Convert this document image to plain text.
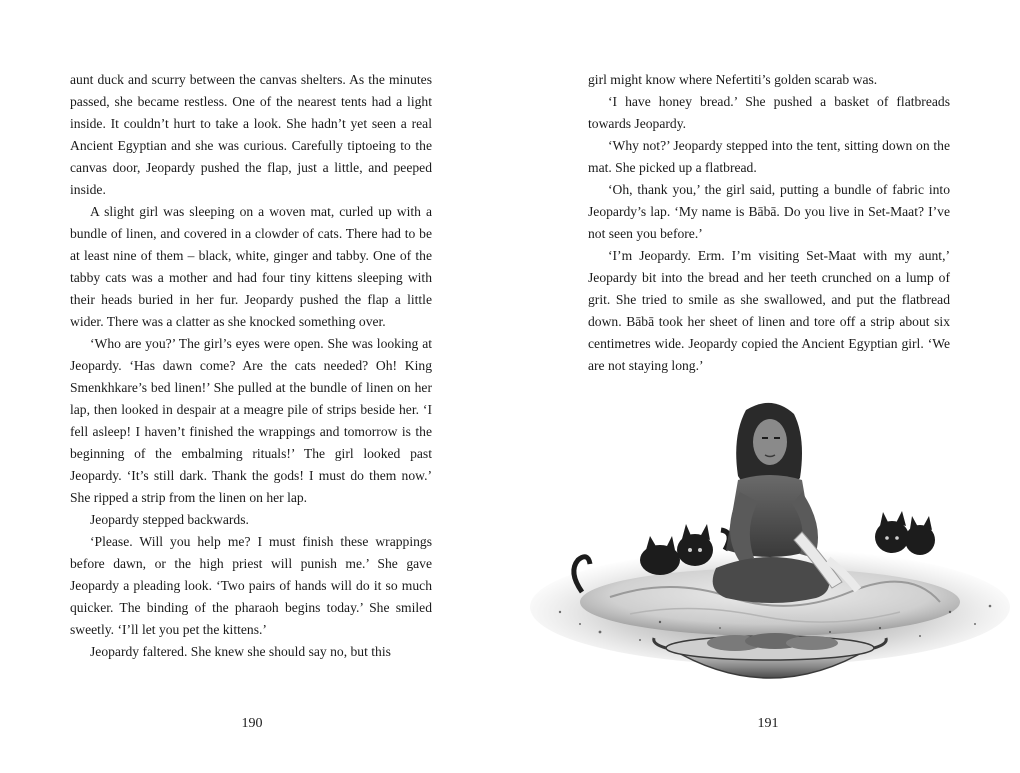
aunt duck and scurry between the canvas shelters. As the minutes passed, she became restless. One of the nearest tents had a light inside. It couldn’t hurt to take a look. She hadn’t yet seen a real Ancient Egyptian and she was curious. Carefully tiptoeing to the canvas door, Jeopardy pushed the flap, just a little, and peeped inside.

A slight girl was sleeping on a woven mat, curled up with a bundle of linen, and covered in a clowder of cats. There had to be at least nine of them – black, white, ginger and tabby. One of the tabby cats was a mother and had four tiny kittens sleeping with their heads buried in her fur. Jeopardy pushed the flap a little wider. There was a clatter as she knocked something over.

‘Who are you?’ The girl’s eyes were open. She was looking at Jeopardy. ‘Has dawn come? Are the cats needed? Oh! King Smenkhkare’s bed linen!’ She pulled at the bundle of linen on her lap, then looked in despair at a meagre pile of strips beside her. ‘I fell asleep! I haven’t finished the wrappings and tomorrow is the beginning of the embalming rituals!’ The girl looked past Jeopardy. ‘It’s still dark. Thank the gods! I must do them now.’ She ripped a strip from the linen on her lap.

Jeopardy stepped backwards.

‘Please. Will you help me? I must finish these wrappings before dawn, or the high priest will punish me.’ She gave Jeopardy a pleading look. ‘Two pairs of hands will do it so much quicker. The binding of the pharaoh begins today.’ She smiled sweetly. ‘I’ll let you pet the kittens.’

Jeopardy faltered. She knew she should say no, but this

190

girl might know where Nefertiti’s golden scarab was.

‘I have honey bread.’ She pushed a basket of flatbreads towards Jeopardy.

‘Why not?’ Jeopardy stepped into the tent, sitting down on the mat. She picked up a flatbread.

‘Oh, thank you,’ the girl said, putting a bundle of fabric into Jeopardy’s lap. ‘My name is Bābā. Do you live in Set-Maat? I’ve not seen you before.’

‘I’m Jeopardy. Erm. I’m visiting Set-Maat with my aunt,’ Jeopardy bit into the bread and her teeth crunched on a lump of grit. She tried to smile as she swallowed, and put the flatbread down. Bābā took her sheet of linen and tore off a strip about six centimetres wide. Jeopardy copied the Ancient Egyptian girl. ‘We are not staying long.’

191
